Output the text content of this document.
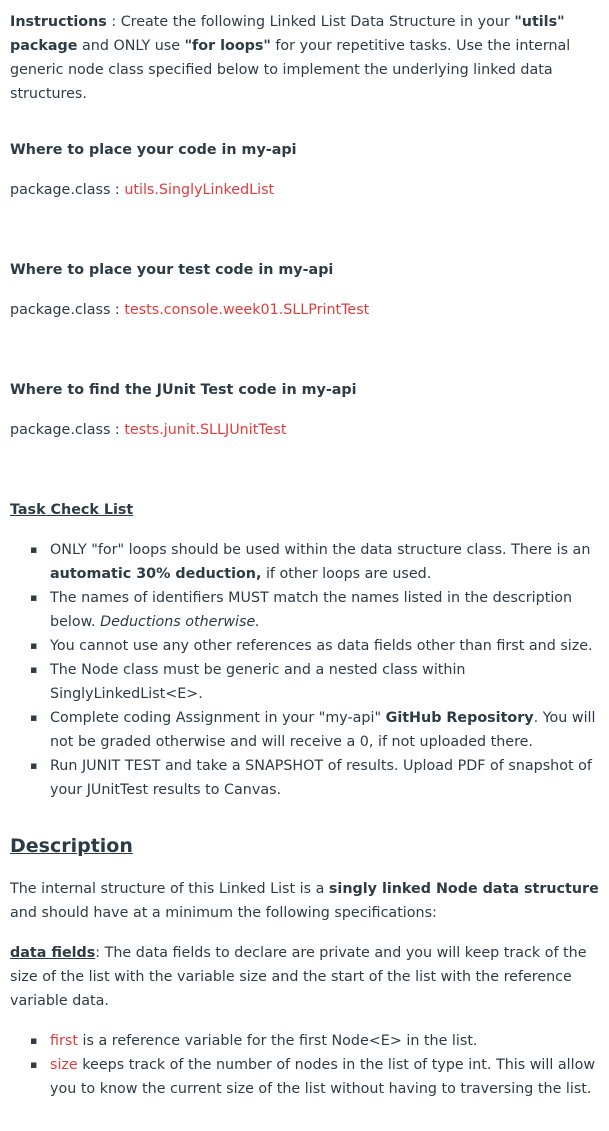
Instructions : Create the following Linked List Data Structure in your "utils" package and ONLY use "for loops" for your repetitive tasks. Use the internal generic node class specified below to implement the underlying linked data structures.

Where to place your code in my-api

package.class : utils.SinglyLinkedList

Where to place your test code in my-api

package.class : tests.console.week01.SLLPrintTest

Where to find the JUnit Test code in my-api

package.class : tests.junit.SLLJUnitTest

Task Check List

▪ ONLY "for" loops should be used within the data structure class. There is an automatic 30% deduction, if other loops are used.
▪ The names of identifiers MUST match the names listed in the description below. Deductions otherwise.
▪ You cannot use any other references as data fields other than first and size.
▪ The Node class must be generic and a nested class within SinglyLinkedList<E>.
▪ Complete coding Assignment in your "my-api" GitHub Repository. You will not be graded otherwise and will receive a 0, if not uploaded there.
▪ Run JUNIT TEST and take a SNAPSHOT of results. Upload PDF of snapshot of your JUnitTest results to Canvas.
Description

The internal structure of this Linked List is a singly linked Node data structure and should have at a minimum the following specifications:

data fields: The data fields to declare are private and you will keep track of the size of the list with the variable size and the start of the list with the reference variable data.

▪ first is a reference variable for the first Node<E> in the list.
▪ size keeps track of the number of nodes in the list of type int. This will allow you to know the current size of the list without having to traversing the list.
